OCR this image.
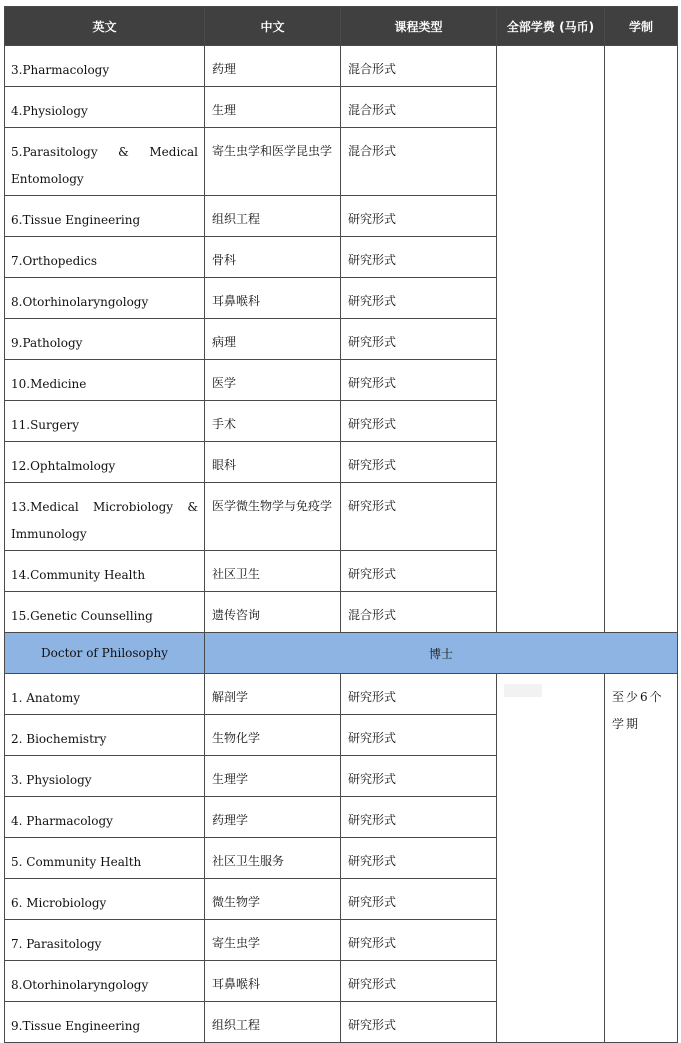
英文	中文	课程类型	全部学费 (马币)	学制

3.Pharmacology	药理	混合形式		

4.Physiology	生理	混合形式		

5.Parasitology & Medical
Entomology	寄生虫学和医学昆虫学	混合形式		

6.Tissue Engineering	组织工程	研究形式		

7.Orthopedics	骨科	研究形式		

8.Otorhinolaryngology	耳鼻喉科	研究形式		

9.Pathology	病理	研究形式		

10.Medicine	医学	研究形式		

11.Surgery	手术	研究形式		

12.Ophtalmology	眼科	研究形式		

13.Medical Microbiology &
Immunology	医学微生物学与免疫学	研究形式		

14.Community Health	社区卫生	研究形式		

15.Genetic Counselling	遗传咨询	混合形式		
Doctor of Philosophy	博士			

1. Anatomy	解剖学	研究形式		至少6个学期

2. Biochemistry	生物化学	研究形式		

3. Physiology	生理学	研究形式		

4. Pharmacology	药理学	研究形式		

5. Community Health	社区卫生服务	研究形式		

6. Microbiology	微生物学	研究形式		

7. Parasitology	寄生虫学	研究形式		

8.Otorhinolaryngology	耳鼻喉科	研究形式		

9.Tissue Engineering	组织工程	研究形式		
